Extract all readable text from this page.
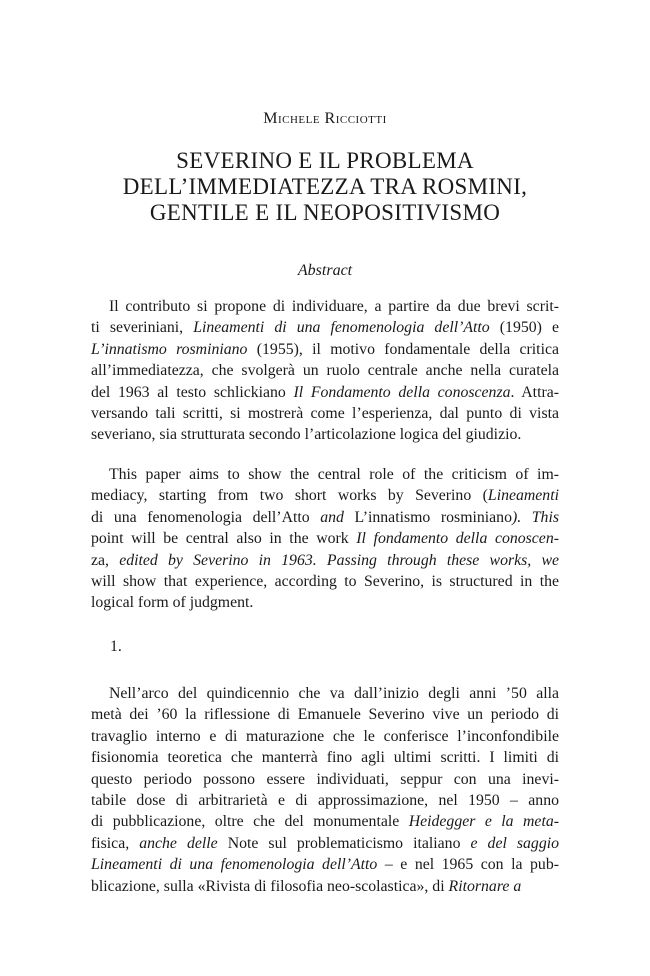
Michele Ricciotti
SEVERINO E IL PROBLEMA
DELL’IMMEDIATEZZA TRA ROSMINI,
GENTILE E IL NEOPOSITIVISMO
Abstract
Il contributo si propone di individuare, a partire da due brevi scrit-
ti severiniani, Lineamenti di una fenomenologia dell’Atto (1950) e
L’innatismo rosminiano (1955), il motivo fondamentale della critica
all’immediatezza, che svolgerà un ruolo centrale anche nella curatela
del 1963 al testo schlickiano Il Fondamento della conoscenza. Attra-
versando tali scritti, si mostrerà come l’esperienza, dal punto di vista
severiano, sia strutturata secondo l’articolazione logica del giudizio.
This paper aims to show the central role of the criticism of im-
mediacy, starting from two short works by Severino (Lineamenti
di una fenomenologia dell’Atto and L’innatismo rosminiano). This
point will be central also in the work Il fondamento della conoscen-
za, edited by Severino in 1963. Passing through these works, we
will show that experience, according to Severino, is structured in the
logical form of judgment.
1.
Nell’arco del quindicennio che va dall’inizio degli anni ’50 alla
metà dei ’60 la riflessione di Emanuele Severino vive un periodo di
travaglio interno e di maturazione che le conferisce l’inconfondibile
fisionomia teoretica che manterrà fino agli ultimi scritti. I limiti di
questo periodo possono essere individuati, seppur con una inevi-
tabile dose di arbitrarietà e di approssimazione, nel 1950 – anno
di pubblicazione, oltre che del monumentale Heidegger e la meta-
fisica, anche delle Note sul problematicismo italiano e del saggio
Lineamenti di una fenomenologia dell’Atto – e nel 1965 con la pub-
blicazione, sulla «Rivista di filosofia neo-scolastica», di Ritornare a
